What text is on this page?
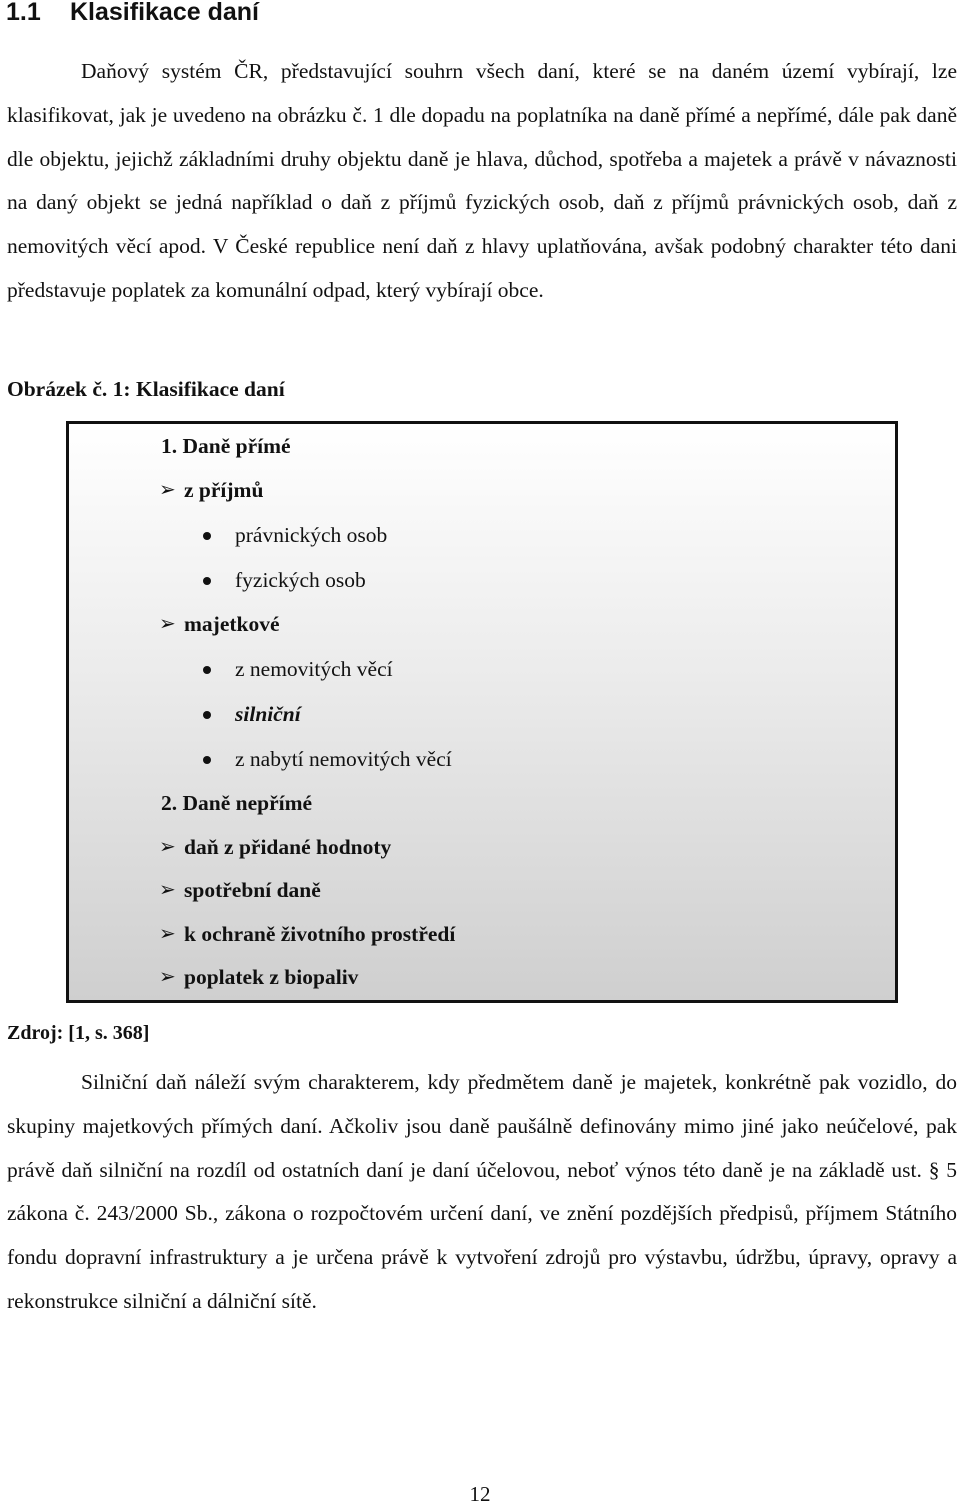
1.1 Klasifikace daní

Daňový systém ČR, představující souhrn všech daní, které se na daném území vybírají, lze klasifikovat, jak je uvedeno na obrázku č. 1 dle dopadu na poplatníka na daně přímé a nepřímé, dále pak daně dle objektu, jejichž základními druhy objektu daně je hlava, důchod, spotřeba a majetek a právě v návaznosti na daný objekt se jedná například o daň z příjmů fyzických osob, daň z příjmů právnických osob, daň z nemovitých věcí apod. V České republice není daň z hlavy uplatňována, avšak podobný charakter této dani představuje poplatek za komunální odpad, který vybírají obce.

Obrázek č. 1: Klasifikace daní

1. Daně přímé

➢ z příjmů

právnických osob

fyzických osob

➢ majetkové

z nemovitých věcí

silniční

z nabytí nemovitých věcí

2. Daně nepřímé

➢ daň z přidané hodnoty

➢ spotřební daně

➢ k ochraně životního prostředí

➢ poplatek z biopaliv

Zdroj: [1, s. 368]

Silniční daň náleží svým charakterem, kdy předmětem daně je majetek, konkrétně pak vozidlo, do skupiny majetkových přímých daní. Ačkoliv jsou daně paušálně definovány mimo jiné jako neúčelové, pak právě daň silniční na rozdíl od ostatních daní je daní účelovou, neboť výnos této daně je na základě ust. § 5 zákona č. 243/2000 Sb., zákona o rozpočtovém určení daní, ve znění pozdějších předpisů, příjmem Státního fondu dopravní infrastruktury a je určena právě k vytvoření zdrojů pro výstavbu, údržbu, úpravy, opravy a rekonstrukce silniční a dálniční sítě.

12
